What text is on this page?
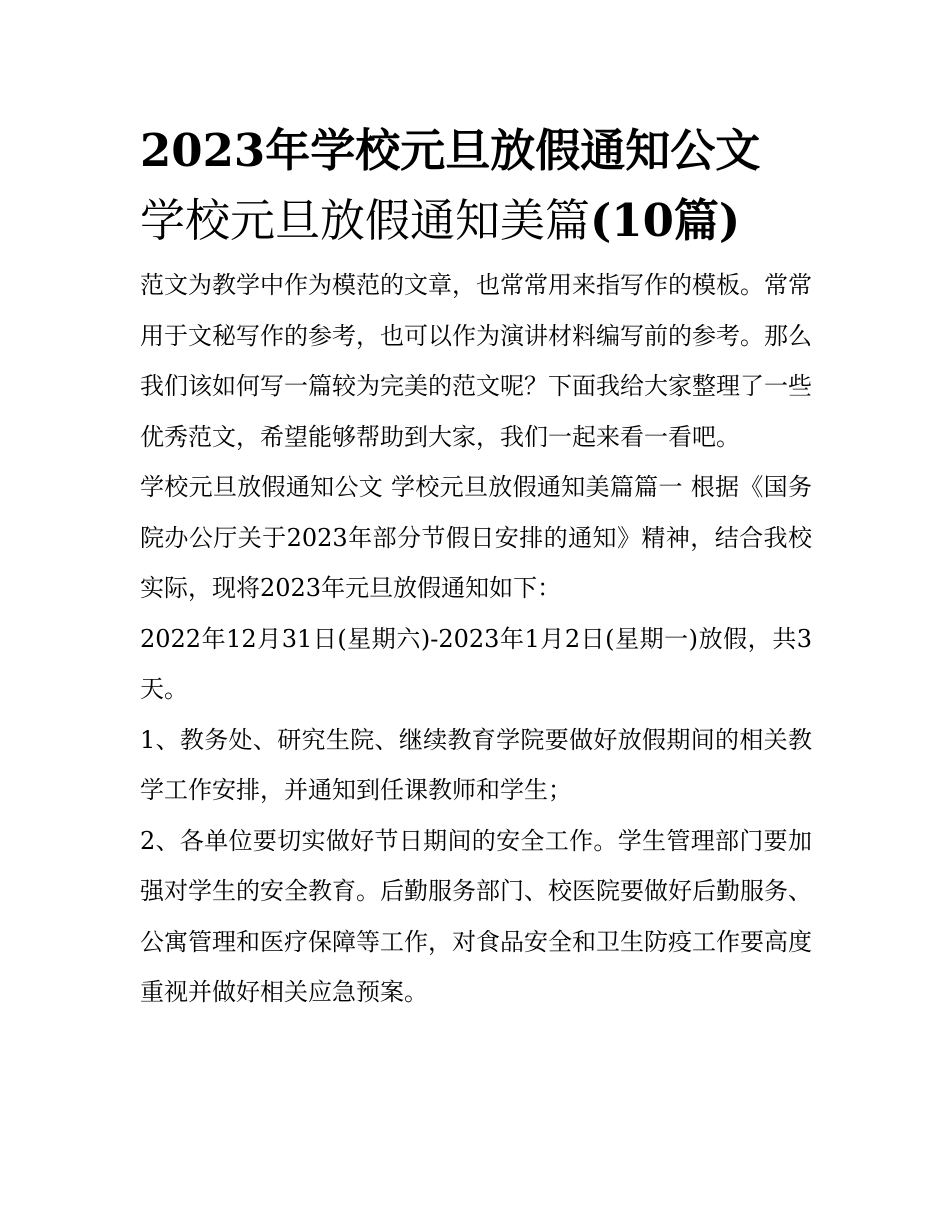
2023年学校元旦放假通知公文
学校元旦放假通知美篇(10篇)

范文为教学中作为模范的文章，也常常用来指写作的模板。常常用于文秘写作的参考，也可以作为演讲材料编写前的参考。那么我们该如何写一篇较为完美的范文呢？下面我给大家整理了一些优秀范文，希望能够帮助到大家，我们一起来看一看吧。

学校元旦放假通知公文 学校元旦放假通知美篇篇一 根据《国务院办公厅关于2023年部分节假日安排的通知》精神，结合我校实际，现将2023年元旦放假通知如下：

2022年12月31日(星期六)-2023年1月2日(星期一)放假，共3天。

1、教务处、研究生院、继续教育学院要做好放假期间的相关教学工作安排，并通知到任课教师和学生；

2、各单位要切实做好节日期间的安全工作。学生管理部门要加强对学生的安全教育。后勤服务部门、校医院要做好后勤服务、公寓管理和医疗保障等工作，对食品安全和卫生防疫工作要高度重视并做好相关应急预案。
